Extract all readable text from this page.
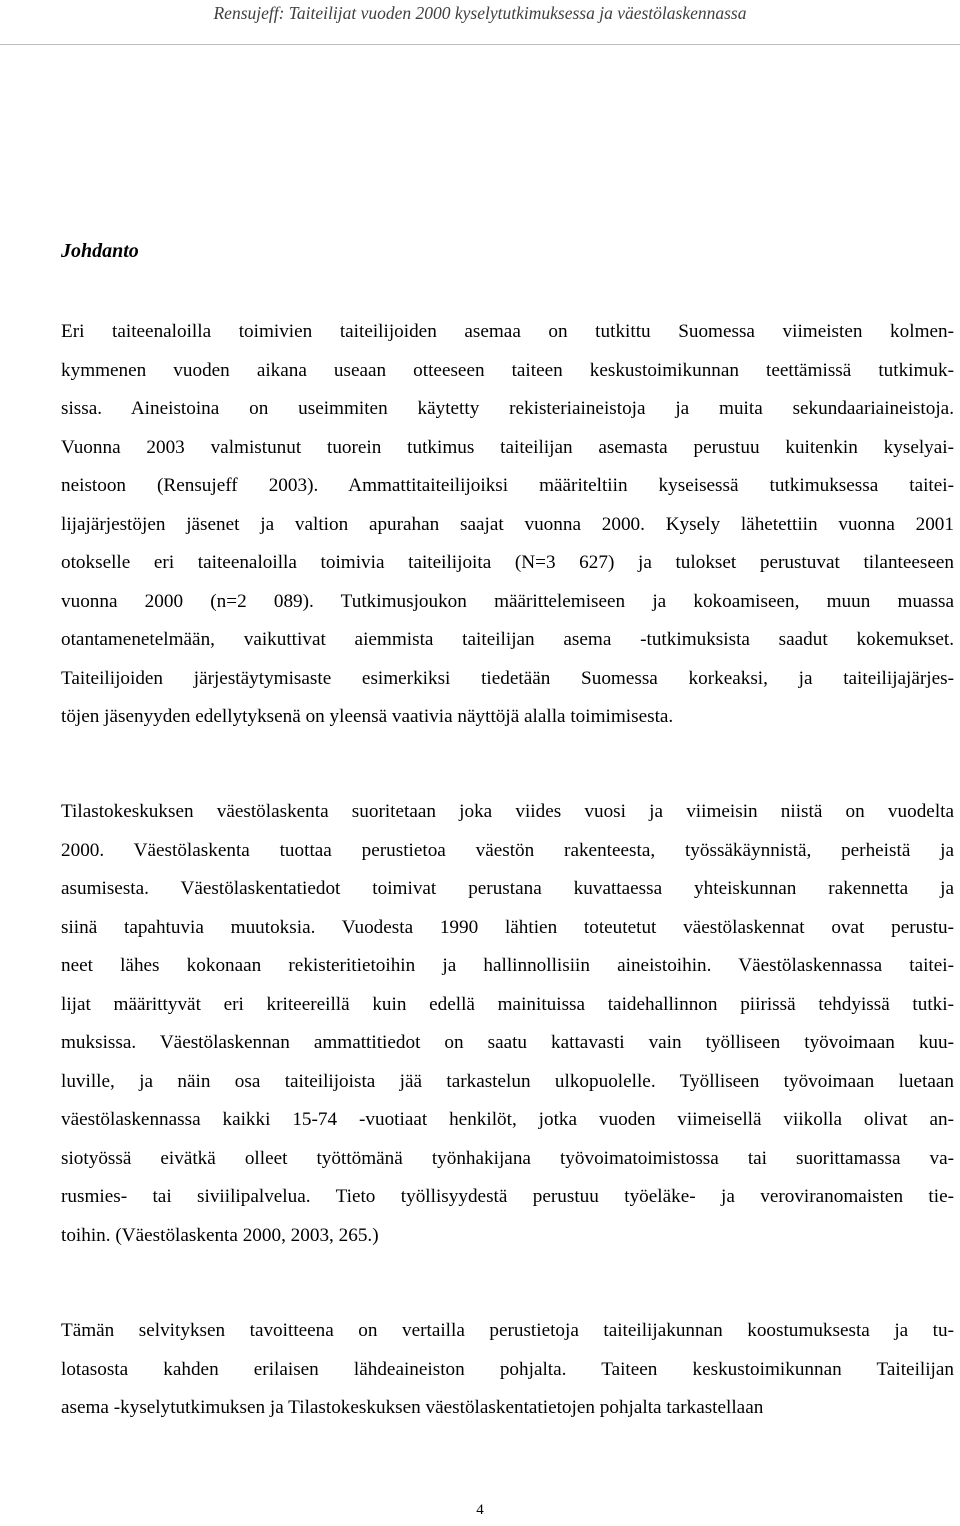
Rensujeff: Taiteilijat vuoden 2000 kyselytutkimuksessa ja väestölaskennassa
Johdanto
Eri taiteenaloilla toimivien taiteilijoiden asemaa on tutkittu Suomessa viimeisten kolmen-
kymmenen vuoden aikana useaan otteeseen taiteen keskustoimikunnan teettämissä tutkimuk-
sissa. Aineistoina on useimmiten käytetty rekisteriaineistoja ja muita sekundaariaineistoja.
Vuonna 2003 valmistunut tuorein tutkimus taiteilijan asemasta perustuu kuitenkin kyselyai-
neistoon (Rensujeff 2003). Ammattitaiteilijoiksi määriteltiin kyseisessä tutkimuksessa taitei-
lijajärjestöjen jäsenet ja valtion apurahan saajat vuonna 2000. Kysely lähetettiin vuonna 2001
otokselle eri taiteenaloilla toimivia taiteilijoita (N=3 627) ja tulokset perustuvat tilanteeseen
vuonna 2000 (n=2 089). Tutkimusjoukon määrittelemiseen ja kokoamiseen, muun muassa
otantamenetelmään, vaikuttivat aiemmista taiteilijan asema -tutkimuksista saadut kokemukset.
Taiteilijoiden järjestäytymisaste esimerkiksi tiedetään Suomessa korkeaksi, ja taiteilijajärjes-
töjen jäsenyyden edellytyksenä on yleensä vaativia näyttöjä alalla toimimisesta.
Tilastokeskuksen väestölaskenta suoritetaan joka viides vuosi ja viimeisin niistä on vuodelta
2000. Väestölaskenta tuottaa perustietoa väestön rakenteesta, työssäkäynnistä, perheistä ja
asumisesta. Väestölaskentatiedot toimivat perustana kuvattaessa yhteiskunnan rakennetta ja
siinä tapahtuvia muutoksia. Vuodesta 1990 lähtien toteutetut väestölaskennat ovat perustu-
neet lähes kokonaan rekisteritietoihin ja hallinnollisiin aineistoihin. Väestölaskennassa taitei-
lijat määrittyvät eri kriteereillä kuin edellä mainituissa taidehallinnon piirissä tehdyissä tutki-
muksissa. Väestölaskennan ammattitiedot on saatu kattavasti vain työlliseen työvoimaan kuu-
luville, ja näin osa taiteilijoista jää tarkastelun ulkopuolelle. Työlliseen työvoimaan luetaan
väestölaskennassa kaikki 15-74 -vuotiaat henkilöt, jotka vuoden viimeisellä viikolla olivat an-
siotyössä eivätkä olleet työttömänä työnhakijana työvoimatoimistossa tai suorittamassa va-
rusmies- tai siviilipalvelua. Tieto työllisyydestä perustuu työeläke- ja veroviranomaisten tie-
toihin. (Väestölaskenta 2000, 2003, 265.)
Tämän selvityksen tavoitteena on vertailla perustietoja taiteilijakunnan koostumuksesta ja tu-
lotasosta kahden erilaisen lähdeaineiston pohjalta. Taiteen keskustoimikunnan Taiteilijan
asema -kyselytutkimuksen ja Tilastokeskuksen väestölaskentatietojen pohjalta tarkastellaan
4
